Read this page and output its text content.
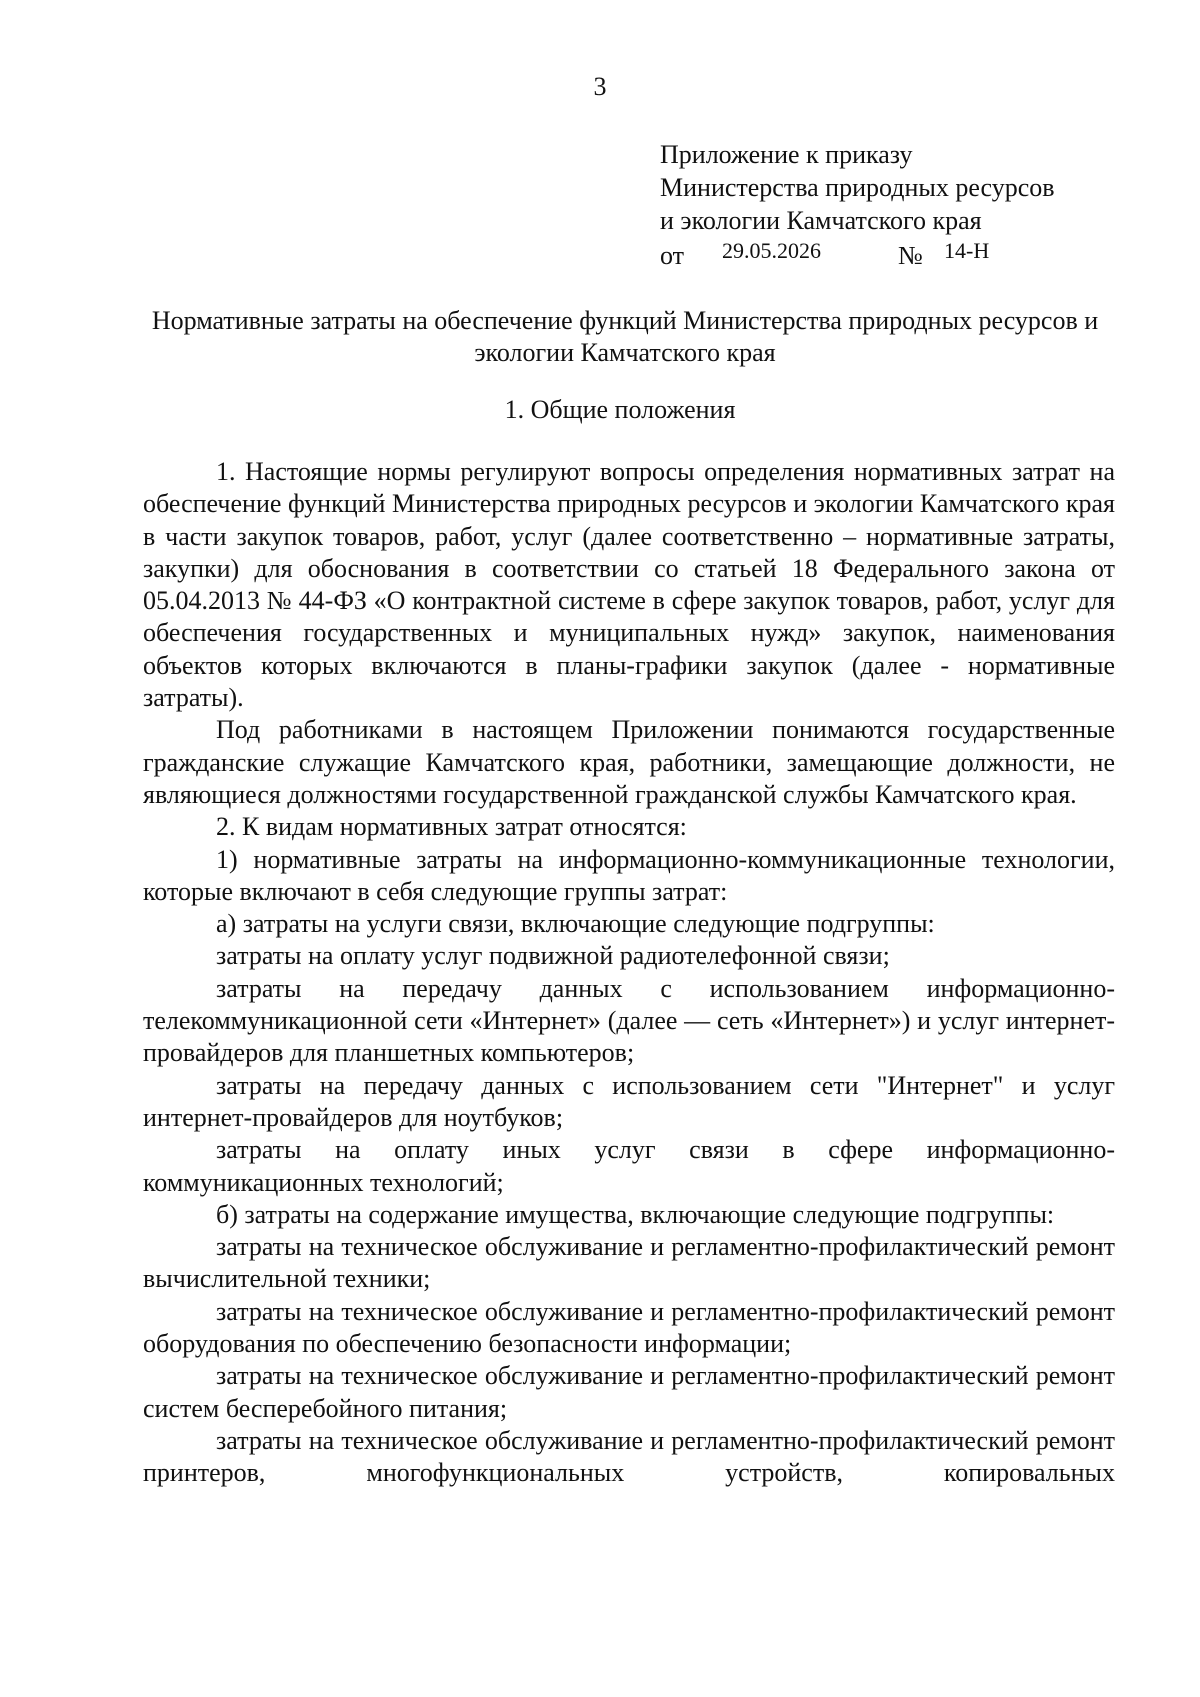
3
Приложение к приказу
Министерства природных ресурсов
и экологии Камчатского края
от 29.05.2026	№ 14-Н
Нормативные затраты на обеспечение функций Министерства природных ресурсов и экологии Камчатского края
1. Общие положения

1. Настоящие нормы регулируют вопросы определения нормативных затрат на обеспечение функций Министерства природных ресурсов и экологии Камчатского края в части закупок товаров, работ, услуг (далее соответственно – нормативные затраты, закупки) для обоснования в соответствии со статьей 18 Федерального закона от 05.04.2013 № 44-ФЗ «О контрактной системе в сфере закупок товаров, работ, услуг для обеспечения государственных и муниципальных нужд» закупок, наименования объектов которых включаются в планы-графики закупок (далее - нормативные затраты).

Под работниками в настоящем Приложении понимаются государственные гражданские служащие Камчатского края, работники, замещающие должности, не являющиеся должностями государственной гражданской службы Камчатского края.

2. К видам нормативных затрат относятся:

1) нормативные затраты на информационно-коммуникационные технологии, которые включают в себя следующие группы затрат:

а) затраты на услуги связи, включающие следующие подгруппы:

затраты на оплату услуг подвижной радиотелефонной связи;

затраты на передачу данных с использованием информационно-телекоммуникационной сети «Интернет» (далее — сеть «Интернет») и услуг интернет-провайдеров для планшетных компьютеров;

затраты на передачу данных с использованием сети "Интернет" и услуг интернет-провайдеров для ноутбуков;

затраты на оплату иных услуг связи в сфере информационно-коммуникационных технологий;

б) затраты на содержание имущества, включающие следующие подгруппы:

затраты на техническое обслуживание и регламентно-профилактический ремонт вычислительной техники;

затраты на техническое обслуживание и регламентно-профилактический ремонт оборудования по обеспечению безопасности информации;

затраты на техническое обслуживание и регламентно-профилактический ремонт систем бесперебойного питания;

затраты на техническое обслуживание и регламентно-профилактический ремонт принтеров, многофункциональных устройств, копировальных
